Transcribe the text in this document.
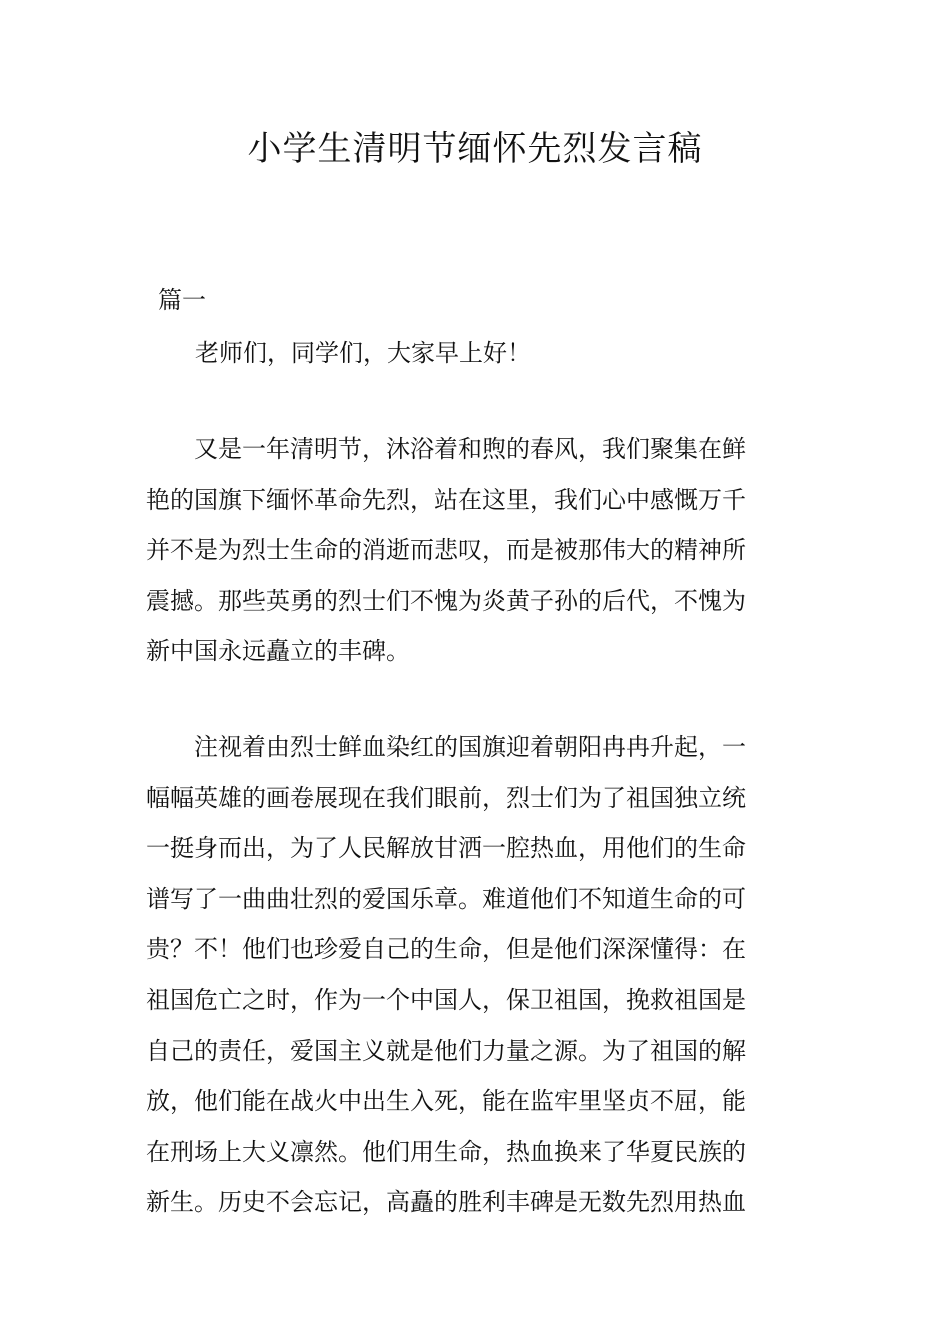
小学生清明节缅怀先烈发言稿
篇一
老师们，同学们，大家早上好！
又是一年清明节，沐浴着和煦的春风，我们聚集在鲜
艳的国旗下缅怀革命先烈，站在这里，我们心中感慨万千
并不是为烈士生命的消逝而悲叹，而是被那伟大的精神所
震撼。那些英勇的烈士们不愧为炎黄子孙的后代，不愧为
新中国永远矗立的丰碑。
注视着由烈士鲜血染红的国旗迎着朝阳冉冉升起，一
幅幅英雄的画卷展现在我们眼前，烈士们为了祖国独立统
一挺身而出，为了人民解放甘洒一腔热血，用他们的生命
谱写了一曲曲壮烈的爱国乐章。难道他们不知道生命的可
贵？不！他们也珍爱自己的生命，但是他们深深懂得：在
祖国危亡之时，作为一个中国人，保卫祖国，挽救祖国是
自己的责任，爱国主义就是他们力量之源。为了祖国的解
放，他们能在战火中出生入死，能在监牢里坚贞不屈，能
在刑场上大义凛然。他们用生命，热血换来了华夏民族的
新生。历史不会忘记，高矗的胜利丰碑是无数先烈用热血
